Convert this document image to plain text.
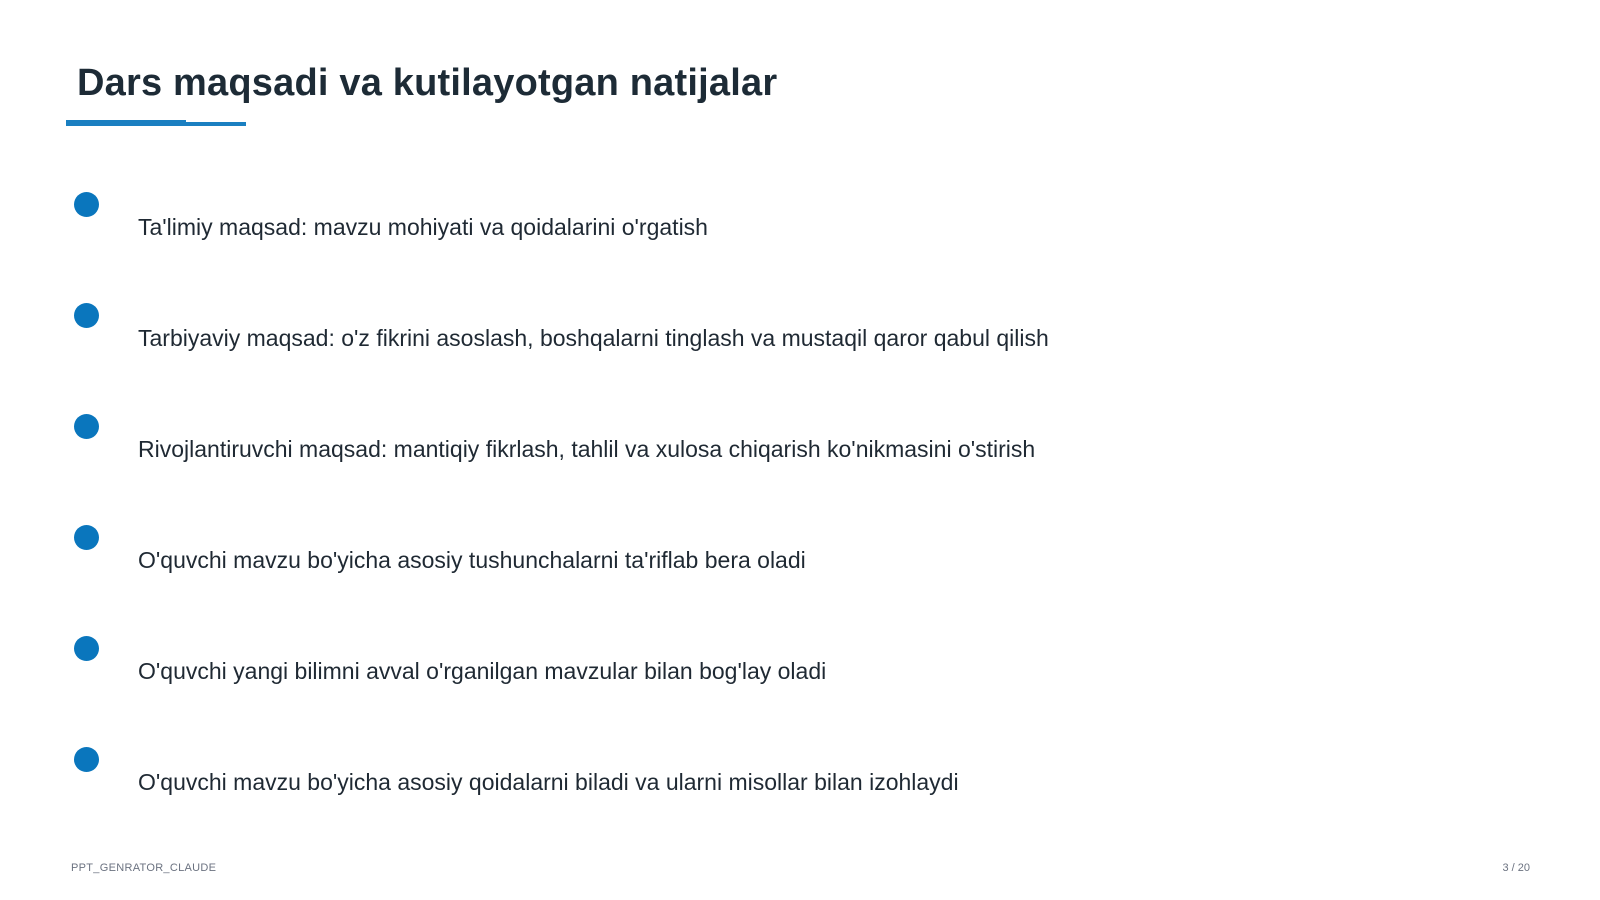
Dars maqsadi va kutilayotgan natijalar
Ta'limiy maqsad: mavzu mohiyati va qoidalarini o'rgatish
Tarbiyaviy maqsad: o'z fikrini asoslash, boshqalarni tinglash va mustaqil qaror qabul qilish
Rivojlantiruvchi maqsad: mantiqiy fikrlash, tahlil va xulosa chiqarish ko'nikmasini o'stirish
O'quvchi mavzu bo'yicha asosiy tushunchalarni ta'riflab bera oladi
O'quvchi yangi bilimni avval o'rganilgan mavzular bilan bog'lay oladi
O'quvchi mavzu bo'yicha asosiy qoidalarni biladi va ularni misollar bilan izohlaydi
PPT_GENRATOR_CLAUDE	3 / 20
